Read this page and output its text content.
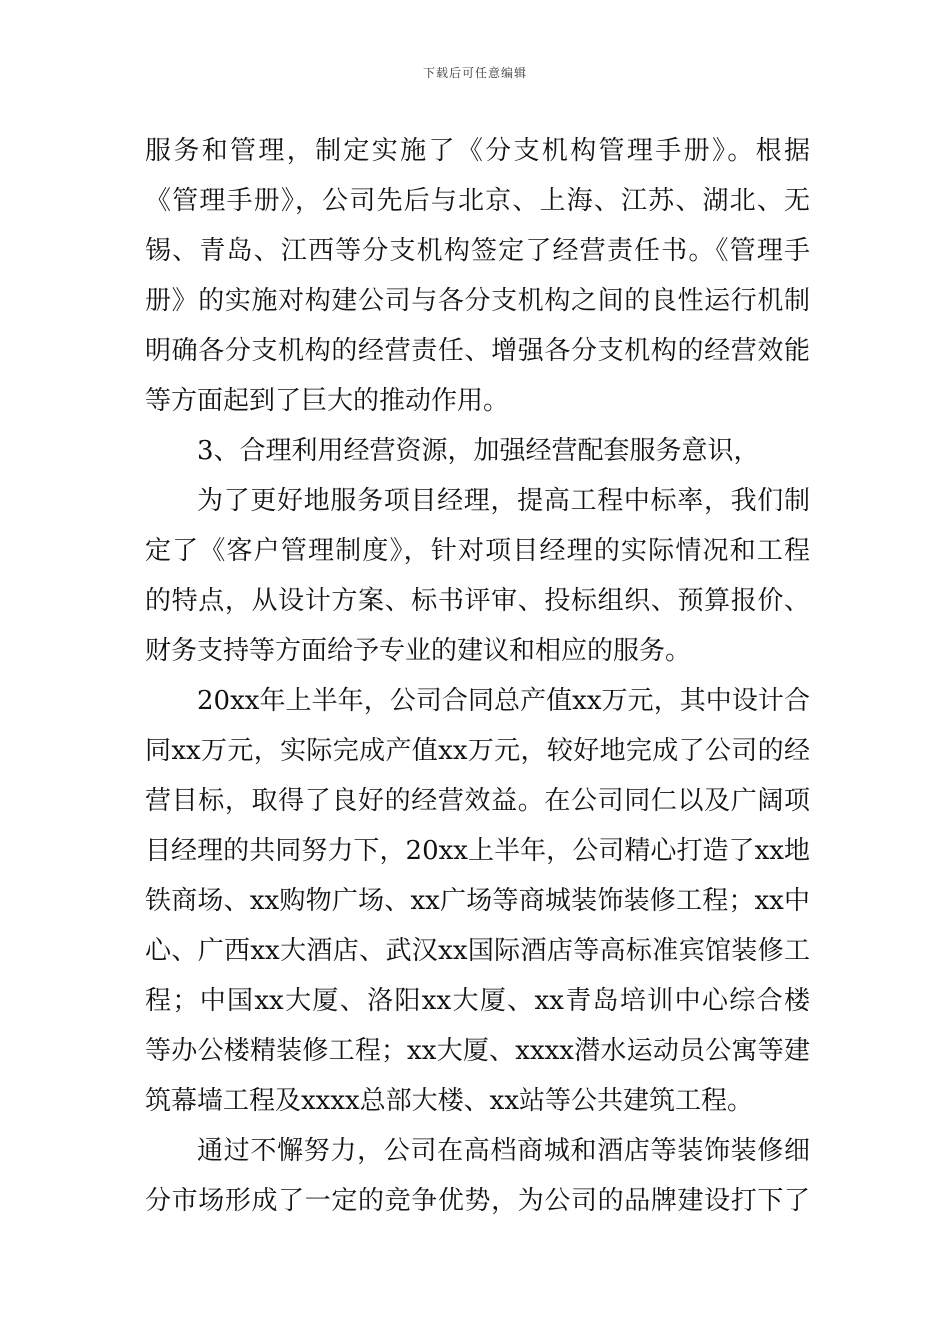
下载后可任意编辑
服务和管理，制定实施了《分支机构管理手册》。根据
《管理手册》，公司先后与北京、上海、江苏、湖北、无
锡、青岛、江西等分支机构签定了经营责任书。《管理手
册》的实施对构建公司与各分支机构之间的良性运行机制
明确各分支机构的经营责任、增强各分支机构的经营效能
等方面起到了巨大的推动作用。
3、合理利用经营资源，加强经营配套服务意识，
为了更好地服务项目经理，提高工程中标率，我们制
定了《客户管理制度》，针对项目经理的实际情况和工程
的特点，从设计方案、标书评审、投标组织、预算报价、
财务支持等方面给予专业的建议和相应的服务。
20xx年上半年，公司合同总产值xx万元，其中设计合
同xx万元，实际完成产值xx万元，较好地完成了公司的经
营目标，取得了良好的经营效益。在公司同仁以及广阔项
目经理的共同努力下，20xx上半年，公司精心打造了xx地
铁商场、xx购物广场、xx广场等商城装饰装修工程；xx中
心、广西xx大酒店、武汉xx国际酒店等高标准宾馆装修工
程；中国xx大厦、洛阳xx大厦、xx青岛培训中心综合楼
等办公楼精装修工程；xx大厦、xxxx潜水运动员公寓等建
筑幕墙工程及xxxx总部大楼、xx站等公共建筑工程。
通过不懈努力，公司在高档商城和酒店等装饰装修细
分市场形成了一定的竞争优势，为公司的品牌建设打下了
